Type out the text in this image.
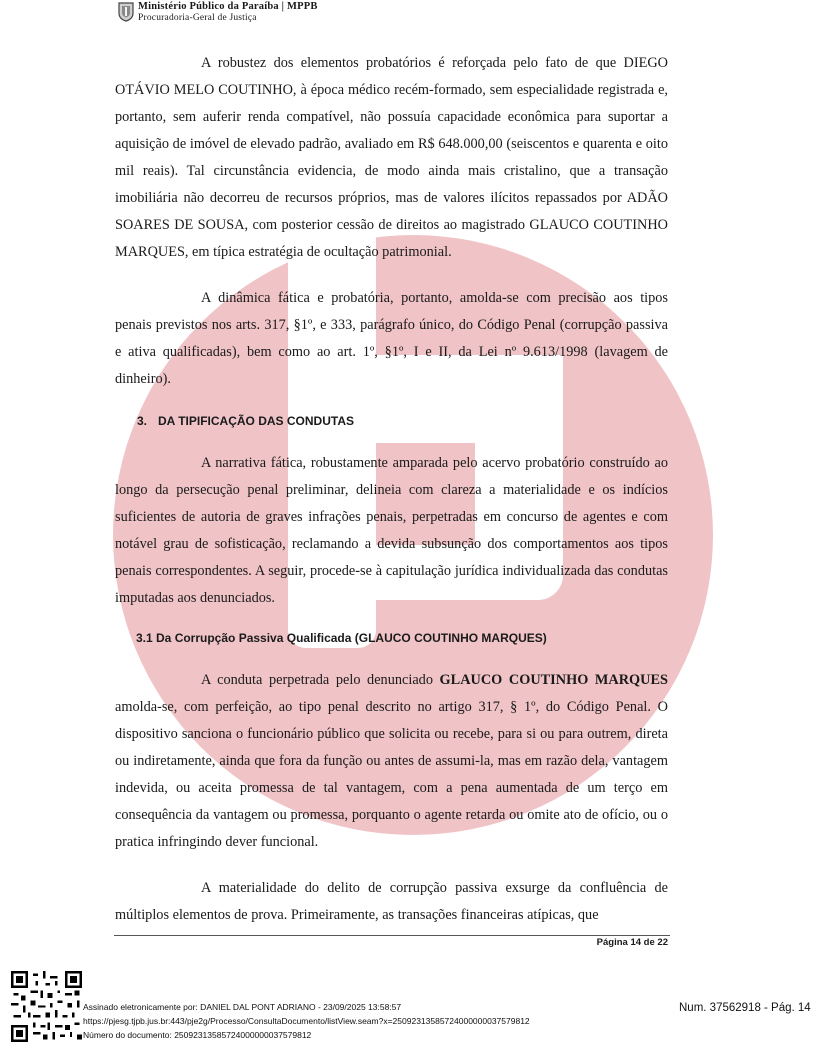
Ministério Público da Paraíba | MPPB
Procuradoria-Geral de Justiça

A robustez dos elementos probatórios é reforçada pelo fato de que DIEGO OTÁVIO MELO COUTINHO, à época médico recém-formado, sem especialidade registrada e, portanto, sem auferir renda compatível, não possuía capacidade econômica para suportar a aquisição de imóvel de elevado padrão, avaliado em R$ 648.000,00 (seiscentos e quarenta e oito mil reais). Tal circunstância evidencia, de modo ainda mais cristalino, que a transação imobiliária não decorreu de recursos próprios, mas de valores ilícitos repassados por ADÃO SOARES DE SOUSA, com posterior cessão de direitos ao magistrado GLAUCO COUTINHO MARQUES, em típica estratégia de ocultação patrimonial.

A dinâmica fática e probatória, portanto, amolda-se com precisão aos tipos penais previstos nos arts. 317, §1º, e 333, parágrafo único, do Código Penal (corrupção passiva e ativa qualificadas), bem como ao art. 1º, §1º, I e II, da Lei nº 9.613/1998 (lavagem de dinheiro).

3. DA TIPIFICAÇÃO DAS CONDUTAS

A narrativa fática, robustamente amparada pelo acervo probatório construído ao longo da persecução penal preliminar, delineia com clareza a materialidade e os indícios suficientes de autoria de graves infrações penais, perpetradas em concurso de agentes e com notável grau de sofisticação, reclamando a devida subsunção dos comportamentos aos tipos penais correspondentes. A seguir, procede-se à capitulação jurídica individualizada das condutas imputadas aos denunciados.

3.1 Da Corrupção Passiva Qualificada (GLAUCO COUTINHO MARQUES)

A conduta perpetrada pelo denunciado GLAUCO COUTINHO MARQUES amolda-se, com perfeição, ao tipo penal descrito no artigo 317, § 1º, do Código Penal. O dispositivo sanciona o funcionário público que solicita ou recebe, para si ou para outrem, direta ou indiretamente, ainda que fora da função ou antes de assumi-la, mas em razão dela, vantagem indevida, ou aceita promessa de tal vantagem, com a pena aumentada de um terço em consequência da vantagem ou promessa, porquanto o agente retarda ou omite ato de ofício, ou o pratica infringindo dever funcional.

A materialidade do delito de corrupção passiva exsurge da confluência de múltiplos elementos de prova. Primeiramente, as transações financeiras atípicas, que

Página 14 de 22
Assinado eletronicamente por: DANIEL DAL PONT ADRIANO - 23/09/2025 13:58:57
https://pjesg.tjpb.jus.br:443/pje2g/Processo/ConsultaDocumento/listView.seam?x=25092313585724000000037579812
Número do documento: 25092313585724000000037579812
Num. 37562918 - Pág. 14
